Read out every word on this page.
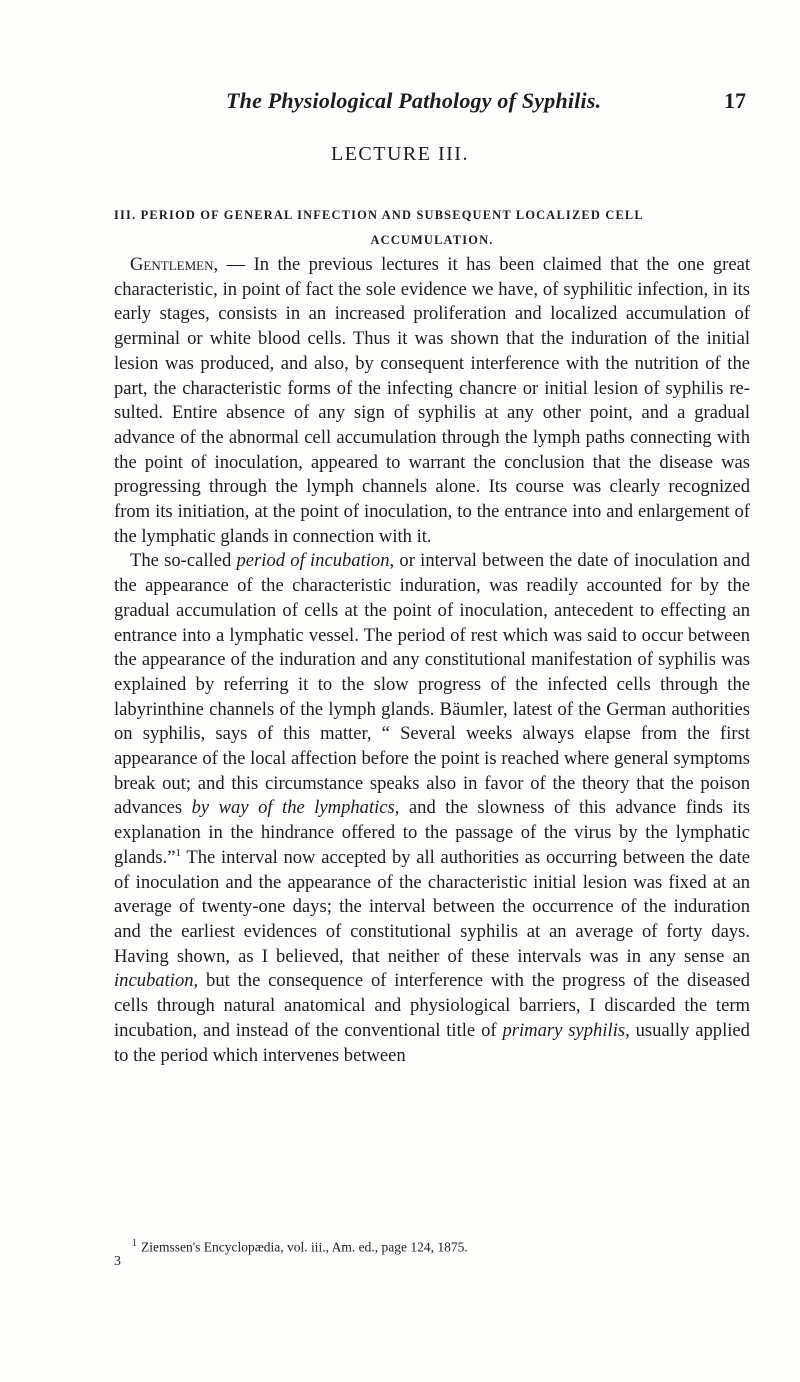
The Physiological Pathology of Syphilis.	17
LECTURE III.
III. PERIOD OF GENERAL INFECTION AND SUBSEQUENT LOCALIZED CELL
ACCUMULATION.

Gentlemen, — In the previous lectures it has been claimed that the one great characteristic, in point of fact the sole evidence we have, of syphilitic infection, in its early stages, consists in an increased proliferation and localized accumulation of germinal or white blood cells. Thus it was shown that the induration of the initial lesion was produced, and also, by consequent interference with the nutrition of the part, the characteristic forms of the infecting chancre or initial lesion of syphilis resulted. Entire absence of any sign of syphilis at any other point, and a gradual advance of the abnormal cell accumulation through the lymph paths connecting with the point of inoculation, appeared to warrant the conclusion that the disease was progressing through the lymph channels alone. Its course was clearly recognized from its initiation, at the point of inoculation, to the entrance into and enlargement of the lymphatic glands in connection with it.

The so-called period of incubation, or interval between the date of inoculation and the appearance of the characteristic induration, was readily accounted for by the gradual accumulation of cells at the point of inoculation, antecedent to effecting an entrance into a lymphatic vessel. The period of rest which was said to occur between the appearance of the induration and any constitutional manifestation of syphilis was explained by referring it to the slow progress of the infected cells through the labyrinthine channels of the lymph glands. Bäumler, latest of the German authorities on syphilis, says of this matter, “ Several weeks always elapse from the first appearance of the local affection before the point is reached where general symptoms break out; and this circumstance speaks also in favor of the theory that the poison advances by way of the lymphatics, and the slowness of this advance finds its explanation in the hindrance offered to the passage of the virus by the lymphatic glands.”$^1$ The interval now accepted by all authorities as occurring between the date of inoculation and the appearance of the characteristic initial lesion was fixed at an average of twenty-one days; the interval between the occurrence of the induration and the earliest evidences of constitutional syphilis at an average of forty days. Having shown, as I believed, that neither of these intervals was in any sense an incubation, but the consequence of interference with the progress of the diseased cells through natural anatomical and physiological barriers, I discarded the term incubation, and instead of the conventional title of primary syphilis, usually applied to the period which intervenes between

$^1$ Ziemssen's Encyclopædia, vol. iii., Am. ed., page 124, 1875.
3
